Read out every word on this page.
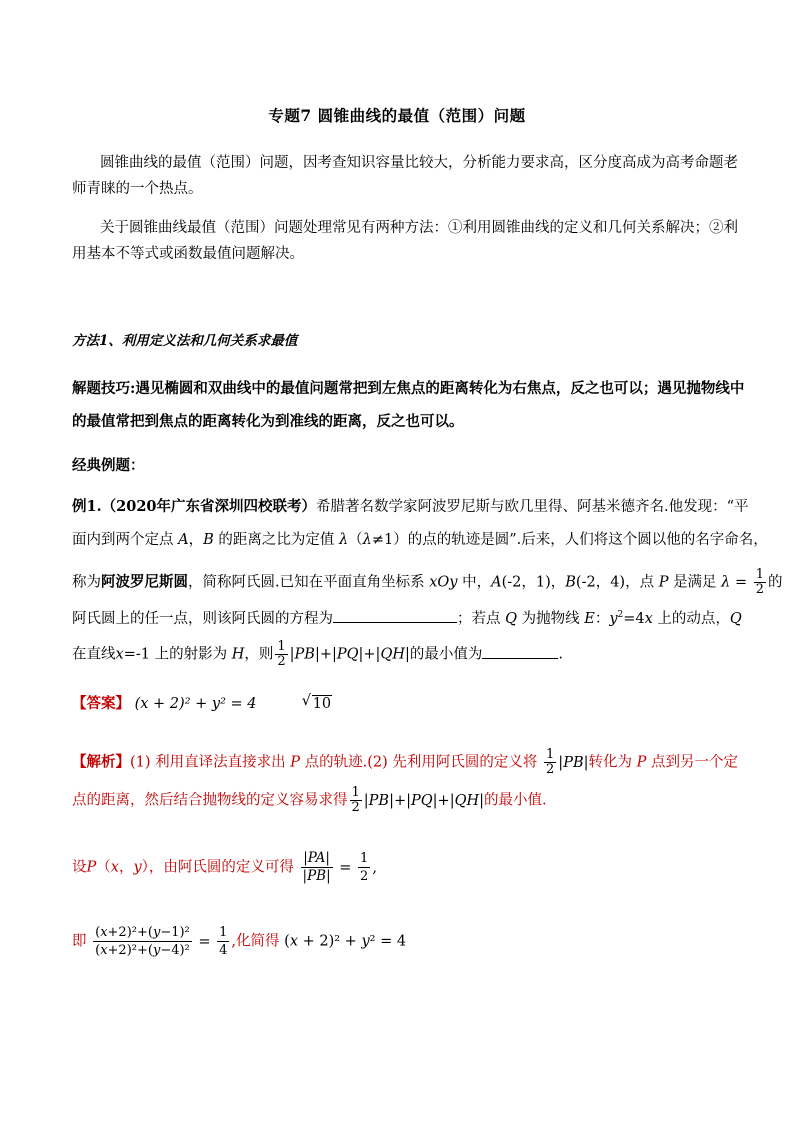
专题7 圆锥曲线的最值（范围）问题
圆锥曲线的最值（范围）问题，因考查知识容量比较大，分析能力要求高，区分度高成为高考命题老
师青睐的一个热点。
关于圆锥曲线最值（范围）问题处理常见有两种方法：①利用圆锥曲线的定义和几何关系解决；②利
用基本不等式或函数最值问题解决。
方法1、利用定义法和几何关系求最值
解题技巧:遇见椭圆和双曲线中的最值问题常把到左焦点的距离转化为右焦点，反之也可以；遇见抛物线中
的最值常把到焦点的距离转化为到准线的距离，反之也可以。
经典例题：
例1.（2020年广东省深圳四校联考）希腊著名数学家阿波罗尼斯与欧几里得、阿基米德齐名.他发现：“平
面内到两个定点 A，B 的距离之比为定值 λ（λ≠1）的点的轨迹是圆”.后来，人们将这个圆以他的名字命名，
称为阿波罗尼斯圆，简称阿氏圆.已知在平面直角坐标系 xOy 中，A(-2，1)，B(-2，4)，点 P 是满足 $\lambda = \frac{1}{2}$ 的
阿氏圆上的任一点，则该阿氏圆的方程为	；若点 Q 为抛物线 E：$y^2=4x$ 上的动点，Q
在直线x=-1 上的射影为 H，则 $\frac{1}{2} |PB|+|PQ|+|QH|$的最小值为	.
【答案】 (x + 2)² + y² = 4	√ 10
【解析】(1) 利用直译法直接求出 P 点的轨迹.(2) 先利用阿氏圆的定义将 $\frac{1}{2} |PB|$转化为 P 点到另一个定
点的距离，然后结合抛物线的定义容易求得 $\frac{1}{2} |PB|+|PQ|+|QH|$的最小值.
设P（x，y），由阿氏圆的定义可得 $\frac{|PA|}{|PB|} = \frac{1}{2}$ ,
即 $\frac{\text{(x+2)²+(y−1)²}}{\text{(x+2)²+(y−4)²}} = \frac{1}{4}$ ,化简得 (x + 2)² + y² = 4
